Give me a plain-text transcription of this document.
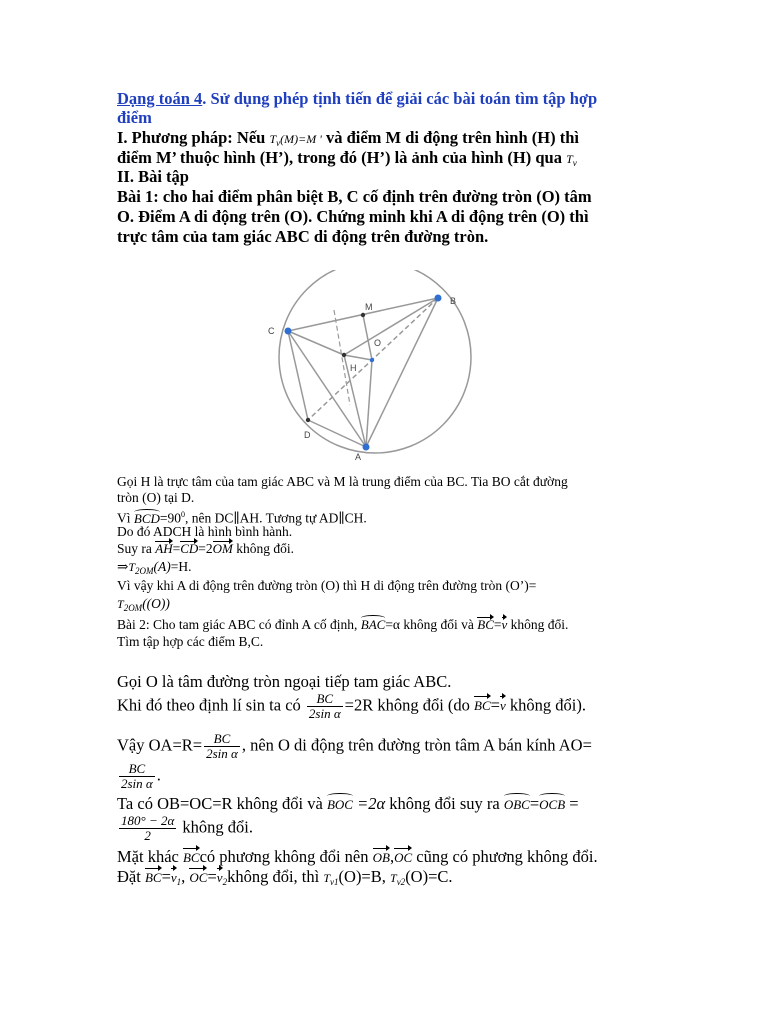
Dạng toán 4. Sử dụng phép tịnh tiến để giải các bài toán tìm tập hợp
điểm
I. Phương pháp: Nếu $T_v(M)=M$ ' và điểm M di động trên hình (H) thì
điểm M’ thuộc hình (H’), trong đó (H’) là ảnh của hình (H) qua $T_v$
II. Bài tập
Bài 1: cho hai điểm phân biệt B, C cố định trên đường tròn (O) tâm
O. Điểm A di động trên (O). Chứng minh khi A di động trên (O) thì
trực tâm của tam giác ABC di động trên đường tròn.
B
C
M
O
H
D
A
Gọi H là trực tâm của tam giác ABC và M là trung điểm của BC. Tia BO cắt đường
tròn (O) tại D.
Vì $BCD=90^0$, nên DC∥AH. Tương tự AD∥CH.
Do đó ADCH là hình bình hành.
Suy ra AH=CD=2OM không đổi.
$\Rightarrow T_{2OM}(A)=H$.
Vì vậy khi A di động trên đường tròn (O) thì H di động trên đường tròn (O’)=
$T_{2OM}((O))$
Bài 2: Cho tam giác ABC có đỉnh A cố định, BAC=α không đổi và BC=v không đổi.
Tìm tập hợp các điểm B,C.
Gọi O là tâm đường tròn ngoại tiếp tam giác ABC.
Khi đó theo định lí sin ta có $\frac{BC}{\text{2sin α}} =2R$ không đổi (do BC=v không đổi).
Vậy $OA=R= \frac{BC}{\text{2sin α}}$ , nên O di động trên đường tròn tâm A bán kính AO=
$\frac{BC}{\text{2sin α}}$ .
Ta có OB=OC=R không đổi và BOC =2α không đổi suy ra OBC=OCB =
$\frac{180^\circ - 2\alpha}{2}$ không đổi.
Mặt khác BCcó phương không đổi nên OB,OC cũng có phương không đổi.
Đặt $BC=v_1$, $OC=v_2không$ đổi, thì $T_{v1}(O)=B$, $T_{v2}(O)=C$.
